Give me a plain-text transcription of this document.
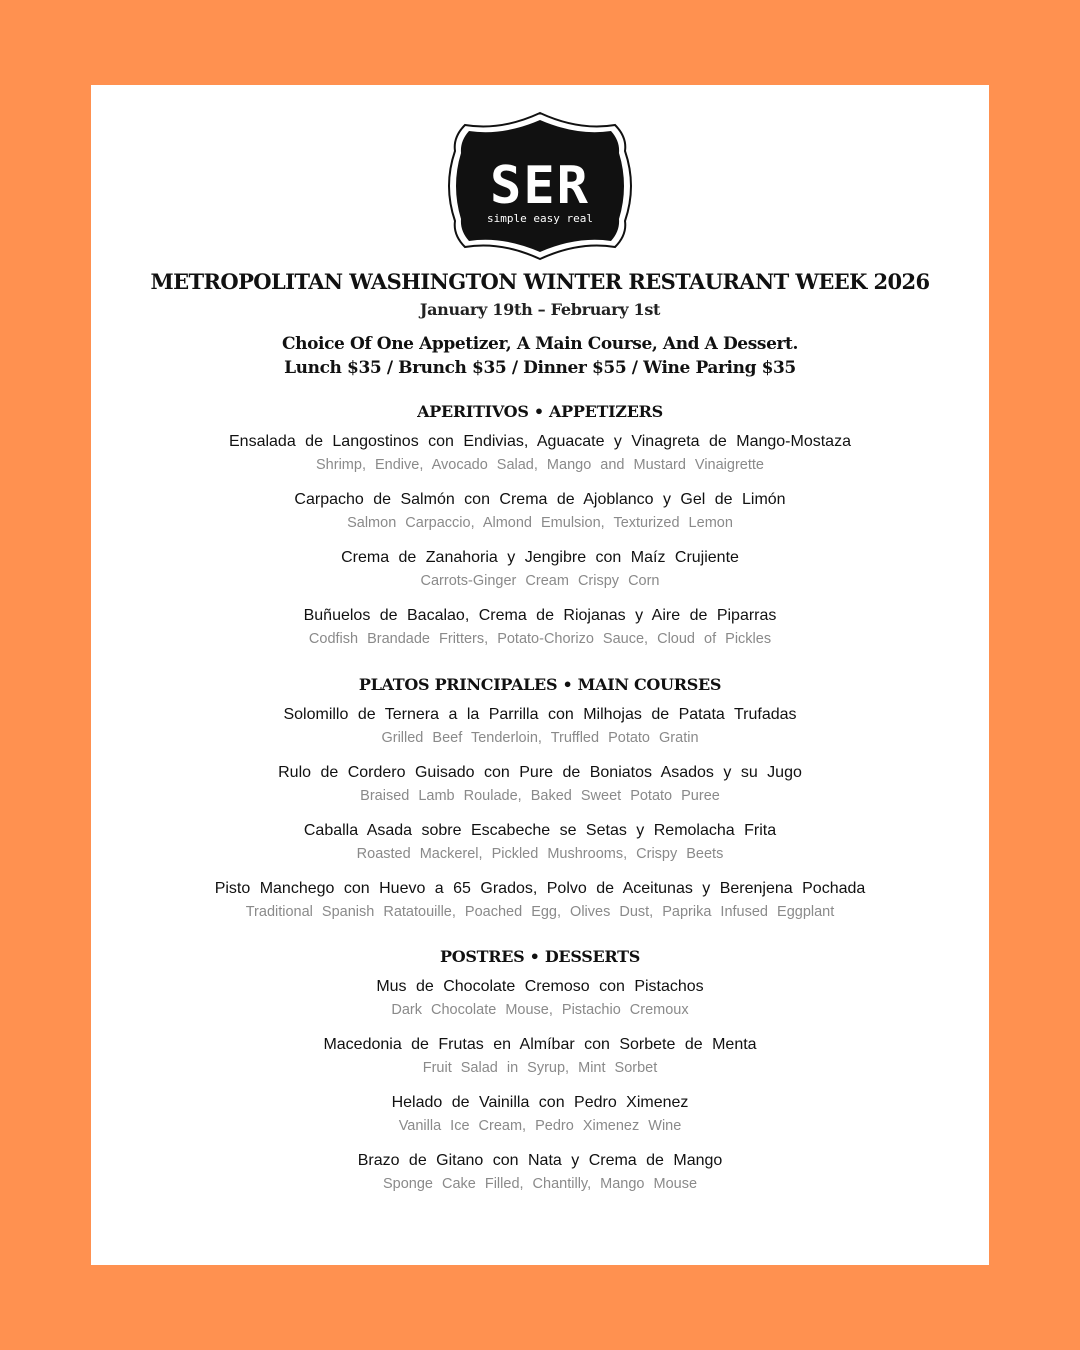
SER
simple easy real
METROPOLITAN WASHINGTON WINTER RESTAURANT WEEK 2026
January 19th – February 1st
Choice Of One Appetizer, A Main Course, And A Dessert.
Lunch $35 / Brunch $35 / Dinner $55 / Wine Paring $35
APERITIVOS • APPETIZERS
Ensalada de Langostinos con Endivias, Aguacate y Vinagreta de Mango-Mostaza
Shrimp, Endive, Avocado Salad, Mango and Mustard Vinaigrette
Carpacho de Salmón con Crema de Ajoblanco y Gel de Limón
Salmon Carpaccio, Almond Emulsion, Texturized Lemon
Crema de Zanahoria y Jengibre con Maíz Crujiente
Carrots-Ginger Cream Crispy Corn
Buñuelos de Bacalao, Crema de Riojanas y Aire de Piparras
Codfish Brandade Fritters, Potato-Chorizo Sauce, Cloud of Pickles
PLATOS PRINCIPALES • MAIN COURSES
Solomillo de Ternera a la Parrilla con Milhojas de Patata Trufadas
Grilled Beef Tenderloin, Truffled Potato Gratin
Rulo de Cordero Guisado con Pure de Boniatos Asados y su Jugo
Braised Lamb Roulade, Baked Sweet Potato Puree
Caballa Asada sobre Escabeche se Setas y Remolacha Frita
Roasted Mackerel, Pickled Mushrooms, Crispy Beets
Pisto Manchego con Huevo a 65 Grados, Polvo de Aceitunas y Berenjena Pochada
Traditional Spanish Ratatouille, Poached Egg, Olives Dust, Paprika Infused Eggplant
POSTRES • DESSERTS
Mus de Chocolate Cremoso con Pistachos
Dark Chocolate Mouse, Pistachio Cremoux
Macedonia de Frutas en Almíbar con Sorbete de Menta
Fruit Salad in Syrup, Mint Sorbet
Helado de Vainilla con Pedro Ximenez
Vanilla Ice Cream, Pedro Ximenez Wine
Brazo de Gitano con Nata y Crema de Mango
Sponge Cake Filled, Chantilly, Mango Mouse
